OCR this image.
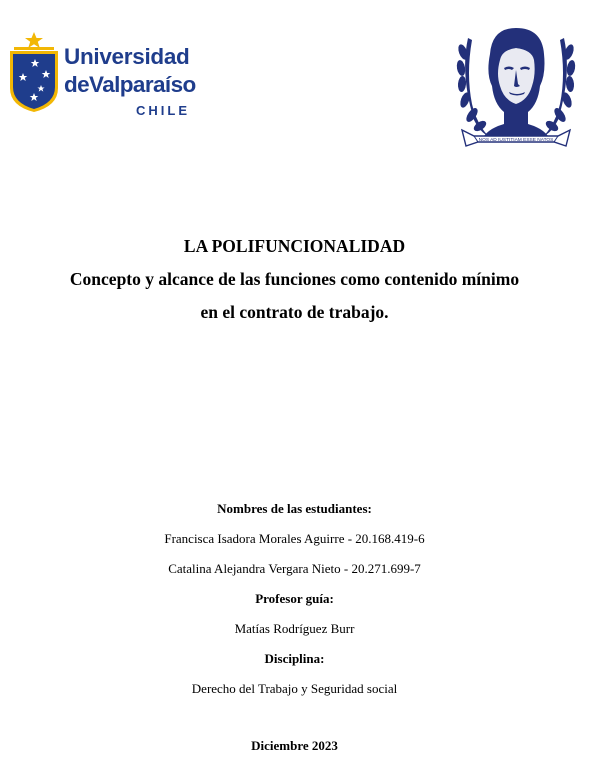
Universidad
deValparaíso
CHILE
NOS AD IUSTITIAM ESSE NATOS
LA POLIFUNCIONALIDAD
Concepto y alcance de las funciones como contenido mínimo
en el contrato de trabajo.
Nombres de las estudiantes:
Francisca Isadora Morales Aguirre - 20.168.419-6
Catalina Alejandra Vergara Nieto - 20.271.699-7
Profesor guía:
Matías Rodríguez Burr
Disciplina:
Derecho del Trabajo y Seguridad social
Diciembre 2023
